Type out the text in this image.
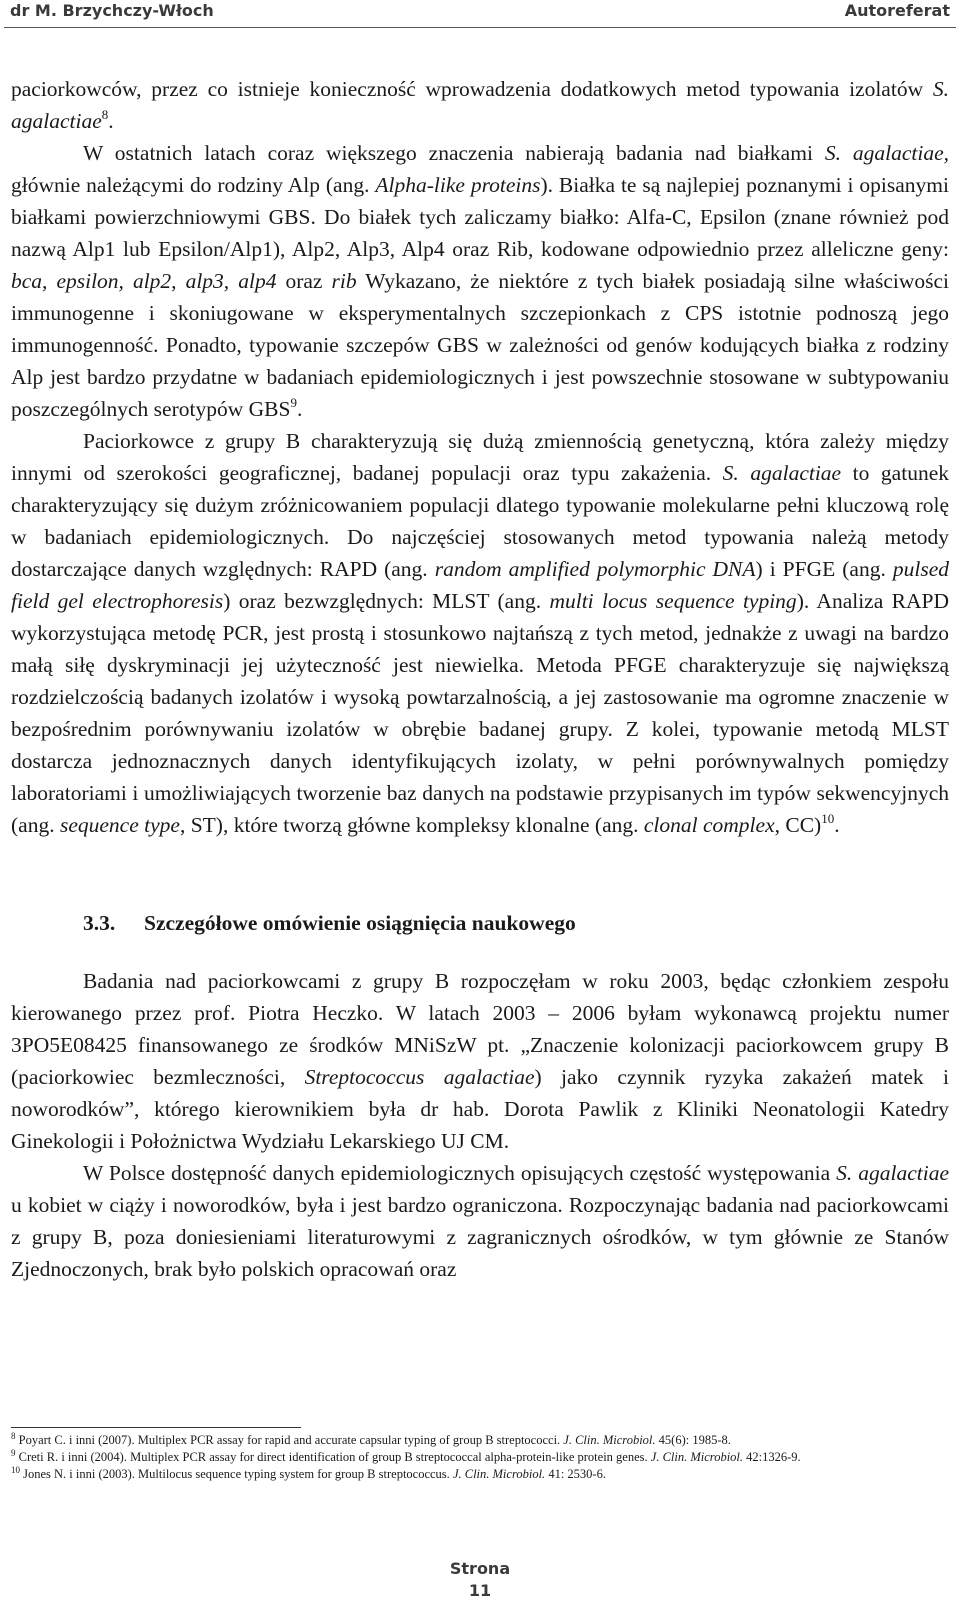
dr M. Brzychczy-Włoch	Autoreferat

paciorkowców, przez co istnieje konieczność wprowadzenia dodatkowych metod typowania izolatów S. agalactiae$^8$.

W ostatnich latach coraz większego znaczenia nabierają badania nad białkami S. agalactiae, głównie należącymi do rodziny Alp (ang. Alpha-like proteins). Białka te są najlepiej poznanymi i opisanymi białkami powierzchniowymi GBS. Do białek tych zaliczamy białko: Alfa-C, Epsilon (znane również pod nazwą Alp1 lub Epsilon/Alp1), Alp2, Alp3, Alp4 oraz Rib, kodowane odpowiednio przez alleliczne geny: bca, epsilon, alp2, alp3, alp4 oraz rib Wykazano, że niektóre z tych białek posiadają silne właściwości immunogenne i skoniugowane w eksperymentalnych szczepionkach z CPS istotnie podnoszą jego immunogenność. Ponadto, typowanie szczepów GBS w zależności od genów kodujących białka z rodziny Alp jest bardzo przydatne w badaniach epidemiologicznych i jest powszechnie stosowane w subtypowaniu poszczególnych serotypów GBS$^9$.

Paciorkowce z grupy B charakteryzują się dużą zmiennością genetyczną, która zależy między innymi od szerokości geograficznej, badanej populacji oraz typu zakażenia. S. agalactiae to gatunek charakteryzujący się dużym zróżnicowaniem populacji dlatego typowanie molekularne pełni kluczową rolę w badaniach epidemiologicznych. Do najczęściej stosowanych metod typowania należą metody dostarczające danych względnych: RAPD (ang. random amplified polymorphic DNA) i PFGE (ang. pulsed field gel electrophoresis) oraz bezwzględnych: MLST (ang. multi locus sequence typing). Analiza RAPD wykorzystująca metodę PCR, jest prostą i stosunkowo najtańszą z tych metod, jednakże z uwagi na bardzo małą siłę dyskryminacji jej użyteczność jest niewielka. Metoda PFGE charakteryzuje się największą rozdzielczością badanych izolatów i wysoką powtarzalnością, a jej zastosowanie ma ogromne znaczenie w bezpośrednim porównywaniu izolatów w obrębie badanej grupy. Z kolei, typowanie metodą MLST dostarcza jednoznacznych danych identyfikujących izolaty, w pełni porównywalnych pomiędzy laboratoriami i umożliwiających tworzenie baz danych na podstawie przypisanych im typów sekwencyjnych (ang. sequence type, ST), które tworzą główne kompleksy klonalne (ang. clonal complex, CC)$^{10}$.

3.3. Szczegółowe omówienie osiągnięcia naukowego

Badania nad paciorkowcami z grupy B rozpoczęłam w roku 2003, będąc członkiem zespołu kierowanego przez prof. Piotra Heczko. W latach 2003 – 2006 byłam wykonawcą projektu numer 3PO5E08425 finansowanego ze środków MNiSzW pt. „Znaczenie kolonizacji paciorkowcem grupy B (paciorkowiec bezmleczności, Streptococcus agalactiae) jako czynnik ryzyka zakażeń matek i noworodków”, którego kierownikiem była dr hab. Dorota Pawlik z Kliniki Neonatologii Katedry Ginekologii i Położnictwa Wydziału Lekarskiego UJ CM.

W Polsce dostępność danych epidemiologicznych opisujących częstość występowania S. agalactiae u kobiet w ciąży i noworodków, była i jest bardzo ograniczona. Rozpoczynając badania nad paciorkowcami z grupy B, poza doniesieniami literaturowymi z zagranicznych ośrodków, w tym głównie ze Stanów Zjednoczonych, brak było polskich opracowań oraz

$^8$ Poyart C. i inni (2007). Multiplex PCR assay for rapid and accurate capsular typing of group B streptococci. J. Clin. Microbiol. 45(6): 1985-8.
$^9$ Creti R. i inni (2004). Multiplex PCR assay for direct identification of group B streptococcal alpha-protein-like protein genes. J. Clin. Microbiol. 42:1326-9.
$^{10}$ Jones N. i inni (2003). Multilocus sequence typing system for group B streptococcus. J. Clin. Microbiol. 41: 2530-6.
Strona
11
